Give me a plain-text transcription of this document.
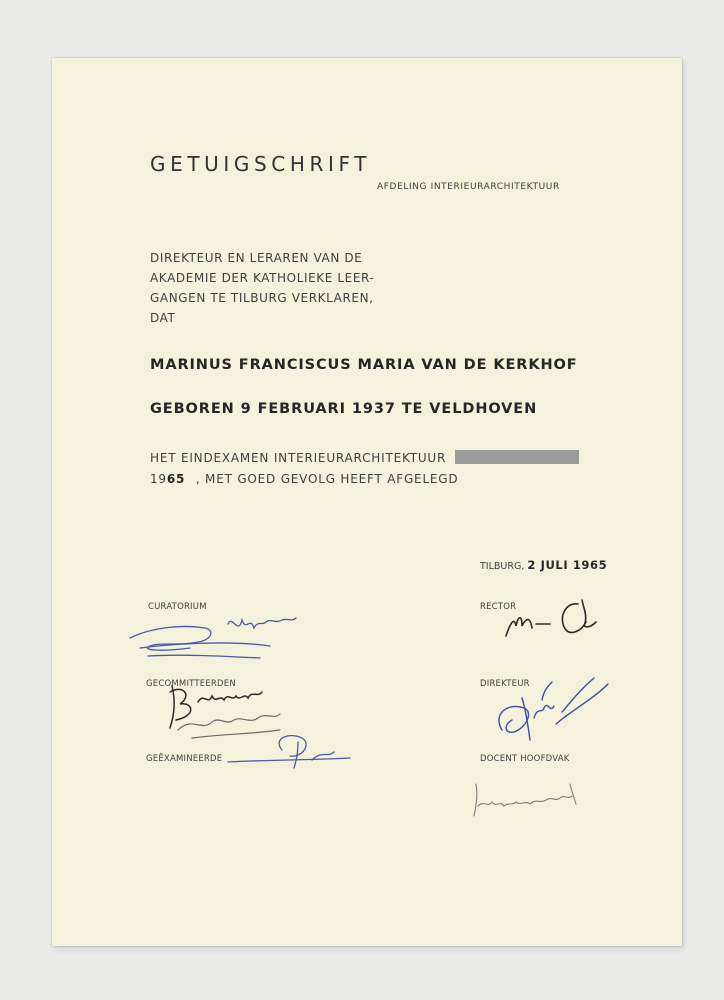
GETUIGSCHRIFT
AFDELING INTERIEURARCHITEKTUUR
DIREKTEUR EN LERAREN VAN DE
AKADEMIE DER KATHOLIEKE LEER-
GANGEN TE TILBURG VERKLAREN,
DAT
MARINUS FRANCISCUS MARIA VAN DE KERKHOF
GEBOREN 9 FEBRUARI 1937 TE VELDHOVEN
HET EINDEXAMEN INTERIEURARCHITEKTUUR
1965 , MET GOED GEVOLG HEEFT AFGELEGD
TILBURG, 2 JULI 1965
CURATORIUM	RECTOR
GECOMMITTEERDEN	DIREKTEUR
GEËXAMINEERDE	DOCENT HOOFDVAK
